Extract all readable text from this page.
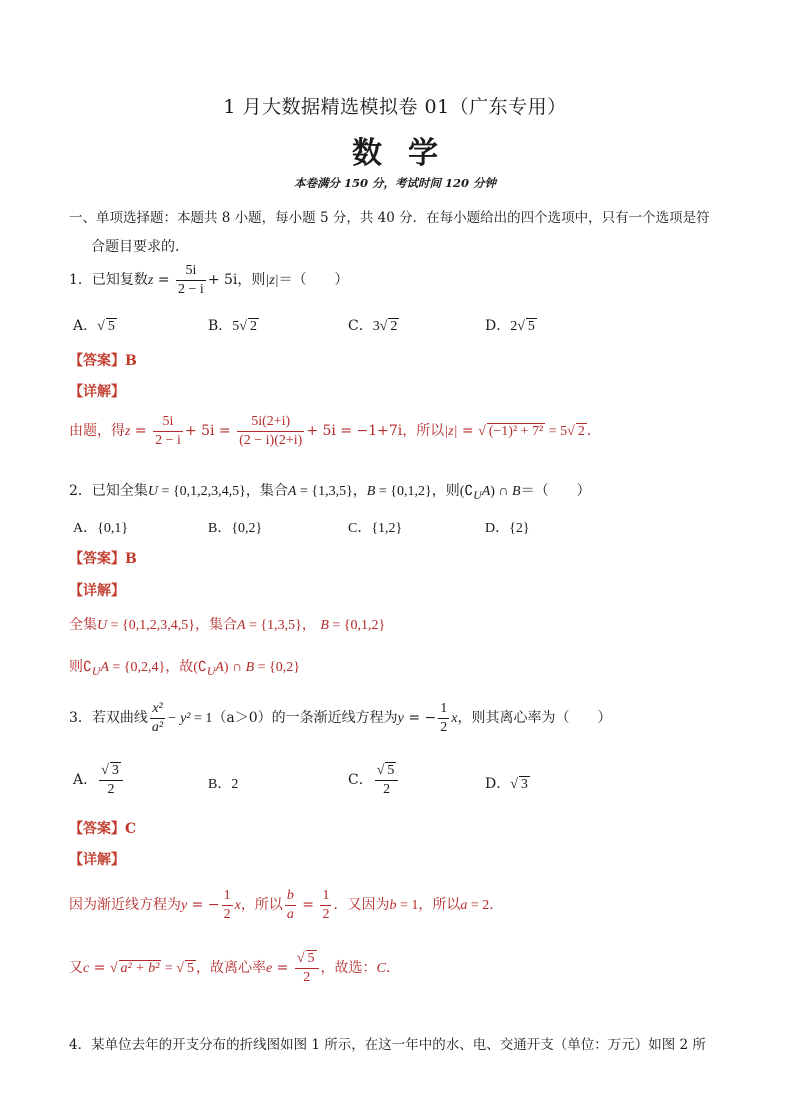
1 月大数据精选模拟卷 01（广东专用）
数学
本卷满分 150 分，考试时间 120 分钟
一、单项选择题：本题共 8 小题，每小题 5 分，共 40 分．在每小题给出的四个选项中，只有一个选项是符
合题目要求的．
1．已知复数$z = \frac{5i}{2 - i} + 5i$，则|z|＝（　　）
A．√ 5	B．5√ 2	C．3√ 2	D．2√ 5
【答案】B
【详解】
由题，得$z = \frac{5i}{2 - i} + 5i = \frac{5i(2+i)}{(2 - i)(2+i)} + 5i = -1+7i$，所以|z| = √ (−1)² + 7² = 5√ 2 ．
2．已知全集U = {0,1,2,3,4,5}，集合A = {1,3,5}，B = {0,1,2}，则$(∁_UA)$ ∩ B＝（　　）
A．{0,1}	B．{0,2}	C．{1,2}	D．{2}
【答案】B
【详解】
全集U = {0,1,2,3,4,5}，集合A = {1,3,5}， B = {0,1,2}
则$∁_UA = \{0,2,4\}$，故$(∁_UA)$ ∩ B = {0,2}
3．若双曲线 $\frac{\text{x²}}{\text{a²}} - y^2 = 1(a>0)$的一条渐近线方程为y = − $\frac{1}{2}$ x，则其离心率为（　　）
A． $\frac{√ 3}{2}$	B．2	C． $\frac{√ 5}{2}$	D．√ 3
【答案】C
【详解】
因为渐近线方程为y = − $\frac{1}{2}$ x，所以 $\frac{b}{a} = \frac{1}{2}$ ．又因为b = 1，所以a = 2．
又c = √ a² + b² = √ 5 ，故离心率$e = \frac{√ 5}{2}$ ，故选：C．
4．某单位去年的开支分布的折线图如图 1 所示，在这一年中的水、电、交通开支（单位：万元）如图 2 所
